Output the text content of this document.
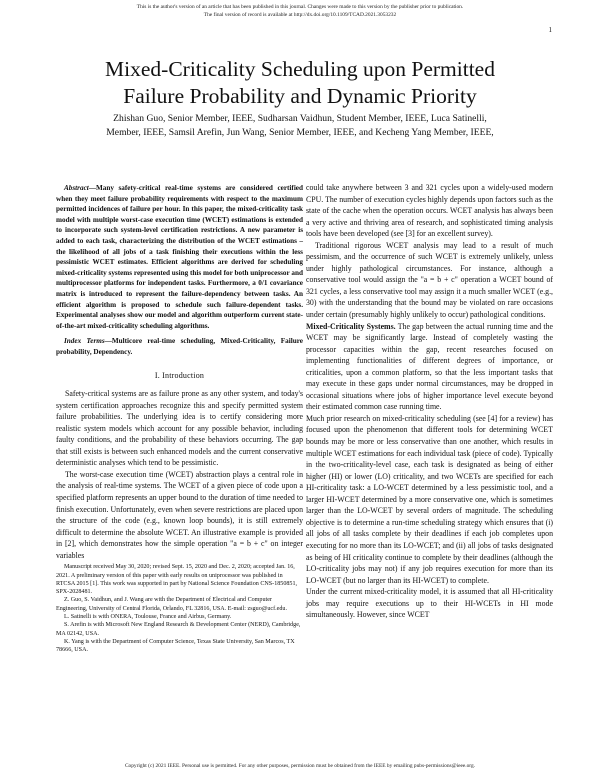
This is the author's version of an article that has been published in this journal. Changes were made to this version by the publisher prior to publication.
The final version of record is available at http://dx.doi.org/10.1109/TCAD.2021.3053232
1
Mixed-Criticality Scheduling upon Permitted
Failure Probability and Dynamic Priority
Zhishan Guo, Senior Member, IEEE, Sudharsan Vaidhun, Student Member, IEEE, Luca Satinelli,
Member, IEEE, Samsil Arefin, Jun Wang, Senior Member, IEEE, and Kecheng Yang Member, IEEE,

Abstract—Many safety-critical real-time systems are considered certified when they meet failure probability requirements with respect to the maximum permitted incidences of failure per hour. In this paper, the mixed-criticality task model with multiple worst-case execution time (WCET) estimations is extended to incorporate such system-level certification restrictions. A new parameter is added to each task, characterizing the distribution of the WCET estimations – the likelihood of all jobs of a task finishing their executions within the less pessimistic WCET estimates. Efficient algorithms are derived for scheduling mixed-criticality systems represented using this model for both uniprocessor and multiprocessor platforms for independent tasks. Furthermore, a 0/1 covariance matrix is introduced to represent the failure-dependency between tasks. An efficient algorithm is proposed to schedule such failure-dependent tasks. Experimental analyses show our model and algorithm outperform current state-of-the-art mixed-criticality scheduling algorithms.

Index Terms—Multicore real-time scheduling, Mixed-Criticality, Failure probability, Dependency.

I. Introduction

Safety-critical systems are as failure prone as any other system, and today's system certification approaches recognize this and specify permitted system failure probabilities. The underlying idea is to certify considering more realistic system models which account for any possible behavior, including faulty conditions, and the probability of these behaviors occurring. The gap that still exists is between such enhanced models and the current conservative deterministic analyses which tend to be pessimistic.

The worst-case execution time (WCET) abstraction plays a central role in the analysis of real-time systems. The WCET of a given piece of code upon a specified platform represents an upper bound to the duration of time needed to finish execution. Unfortunately, even when severe restrictions are placed upon the structure of the code (e.g., known loop bounds), it is still extremely difficult to determine the absolute WCET. An illustrative example is provided in [2], which demonstrates how the simple operation "a = b + c" on integer variables

Manuscript received May 30, 2020; revised Sept. 15, 2020 and Dec. 2, 2020; accepted Jan. 16, 2021. A preliminary version of this paper with early results on uniprocessor was published in RTCSA 2015 [1]. This work was supported in part by National Science Foundation CNS-1850851, SPX-2028481.

Z. Guo, S. Vaidhun, and J. Wang are with the Department of Electrical and Computer Engineering, University of Central Florida, Orlando, FL 32816, USA. E-mail: zsguo@ucf.edu.

L. Satinelli is with ONERA, Toulouse, France and Airbus, Germany.

S. Arefin is with Microsoft New England Research & Development Center (NERD), Cambridge, MA 02142, USA.

K. Yang is with the Department of Computer Science, Texas State University, San Marcos, TX 78666, USA.

could take anywhere between 3 and 321 cycles upon a widely-used modern CPU. The number of execution cycles highly depends upon factors such as the state of the cache when the operation occurs. WCET analysis has always been a very active and thriving area of research, and sophisticated timing analysis tools have been developed (see [3] for an excellent survey).

Traditional rigorous WCET analysis may lead to a result of much pessimism, and the occurrence of such WCET is extremely unlikely, unless under highly pathological circumstances. For instance, although a conservative tool would assign the "a = b + c" operation a WCET bound of 321 cycles, a less conservative tool may assign it a much smaller WCET (e.g., 30) with the understanding that the bound may be violated on rare occasions under certain (presumably highly unlikely to occur) pathological conditions.

Mixed-Criticality Systems. The gap between the actual running time and the WCET may be significantly large. Instead of completely wasting the processor capacities within the gap, recent researches focused on implementing functionalities of different degrees of importance, or criticalities, upon a common platform, so that the less important tasks that may execute in these gaps under normal circumstances, may be dropped in occasional situations where jobs of higher importance level execute beyond their estimated common case running time.

Much prior research on mixed-criticality scheduling (see [4] for a review) has focused upon the phenomenon that different tools for determining WCET bounds may be more or less conservative than one another, which results in multiple WCET estimations for each individual task (piece of code). Typically in the two-criticality-level case, each task is designated as being of either higher (HI) or lower (LO) criticality, and two WCETs are specified for each HI-criticality task: a LO-WCET determined by a less pessimistic tool, and a larger HI-WCET determined by a more conservative one, which is sometimes larger than the LO-WCET by several orders of magnitude. The scheduling objective is to determine a run-time scheduling strategy which ensures that (i) all jobs of all tasks complete by their deadlines if each job completes upon executing for no more than its LO-WCET; and (ii) all jobs of tasks designated as being of HI criticality continue to complete by their deadlines (although the LO-criticality jobs may not) if any job requires execution for more than its LO-WCET (but no larger than its HI-WCET) to complete.

Under the current mixed-criticality model, it is assumed that all HI-criticality jobs may require executions up to their HI-WCETs in HI mode simultaneously. However, since WCET

Copyright (c) 2021 IEEE. Personal use is permitted. For any other purposes, permission must be obtained from the IEEE by emailing pubs-permissions@ieee.org.
